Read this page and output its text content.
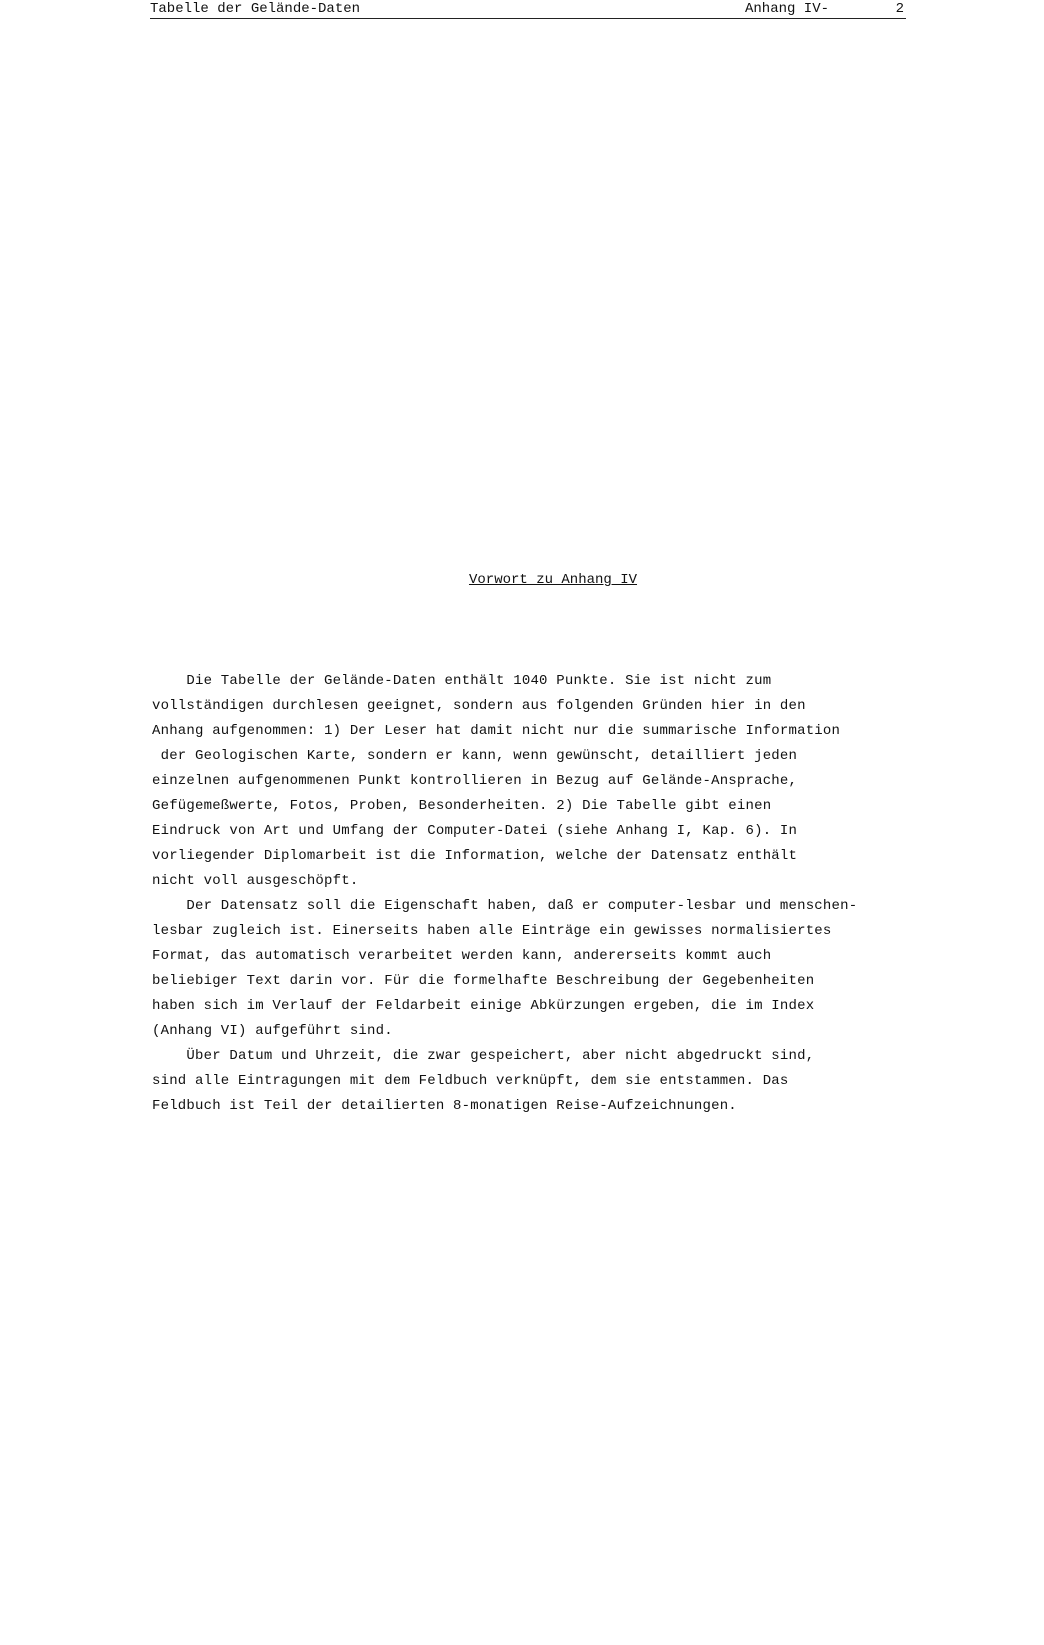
Tabelle der Gelände-Daten	Anhang IV-	2
Vorwort zu Anhang IV

Die Tabelle der Gelände-Daten enthält 1040 Punkte. Sie ist nicht zum
vollständigen durchlesen geeignet, sondern aus folgenden Gründen hier in den
Anhang aufgenommen: 1) Der Leser hat damit nicht nur die summarische Information
der Geologischen Karte, sondern er kann, wenn gewünscht, detailliert jeden
einzelnen aufgenommenen Punkt kontrollieren in Bezug auf Gelände-Ansprache,
Gefügemeßwerte, Fotos, Proben, Besonderheiten. 2) Die Tabelle gibt einen
Eindruck von Art und Umfang der Computer-Datei (siehe Anhang I, Kap. 6). In
vorliegender Diplomarbeit ist die Information, welche der Datensatz enthält
nicht voll ausgeschöpft.

Der Datensatz soll die Eigenschaft haben, daß er computer-lesbar und menschen-
lesbar zugleich ist. Einerseits haben alle Einträge ein gewisses normalisiertes
Format, das automatisch verarbeitet werden kann, andererseits kommt auch
beliebiger Text darin vor. Für die formelhafte Beschreibung der Gegebenheiten
haben sich im Verlauf der Feldarbeit einige Abkürzungen ergeben, die im Index
(Anhang VI) aufgeführt sind.

Über Datum und Uhrzeit, die zwar gespeichert, aber nicht abgedruckt sind,
sind alle Eintragungen mit dem Feldbuch verknüpft, dem sie entstammen. Das
Feldbuch ist Teil der detailierten 8-monatigen Reise-Aufzeichnungen.
